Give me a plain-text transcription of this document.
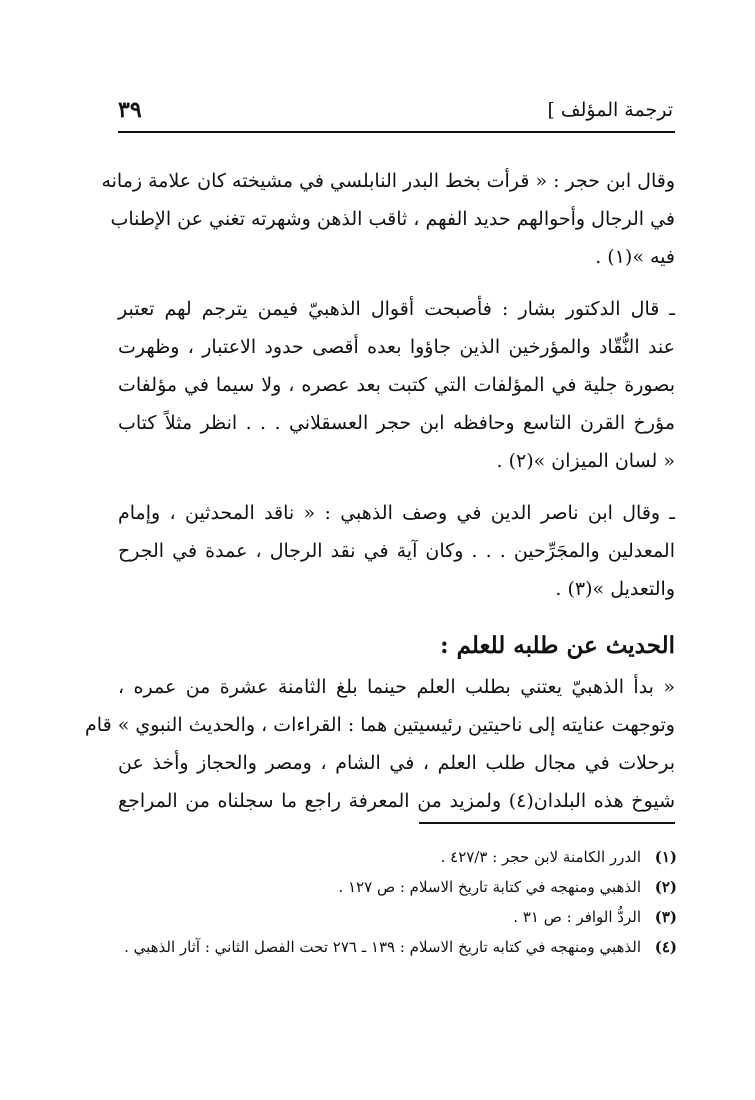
ترجمة المؤلف ]
٣٩
وقال ابن حجر : « قرأت بخط البدر النابلسي في مشيخته كان علامة زمانه
في الرجال وأحوالهم حديد الفهم ، ثاقب الذهن وشهرته تغني عن الإطناب
فيه »(١) .
ـ قال الدكتور بشار : فأصبحت أقوال الذهبيّ فيمن يترجم لهم تعتبر
عند النُّقّاد والمؤرخين الذين جاؤوا بعده أقصى حدود الاعتبار ، وظهرت
بصورة جلية في المؤلفات التي كتبت بعد عصره ، ولا سيما في مؤلفات
مؤرخ القرن التاسع وحافظه ابن حجر العسقلاني . . . انظر مثلاً كتاب
« لسان الميزان »(٢) .
ـ وقال ابن ناصر الدين في وصف الذهبي : « ناقد المحدثين ، وإمام
المعدلين والمجَرِّحين . . . وكان آية في نقد الرجال ، عمدة في الجرح
والتعديل »(٣) .
الحديث عن طلبه للعلم :
« بدأ الذهبيّ يعتني بطلب العلم حينما بلغ الثامنة عشرة من عمره ،
وتوجهت عنايته إلى ناحيتين رئيسيتين هما : القراءات ، والحديث النبوي » قام
برحلات في مجال طلب العلم ، في الشام ، ومصر والحجاز وأخذ عن
شيوخ هذه البلدان(٤) ولمزيد من المعرفة راجع ما سجلناه من المراجع
(١)
الدرر الكامنة لابن حجر : ٤٢٧/٣ .
(٢)
الذهبي ومنهجه في كتابة تاريخ الاسلام : ص ١٢٧ .
(٣)
الردُّ الوافر : ص ٣١ .
(٤)
الذهبي ومنهجه في كتابه تاريخ الاسلام : ١٣٩ ـ ٢٧٦ تحت الفصل الثاني : آثار الذهبي .
